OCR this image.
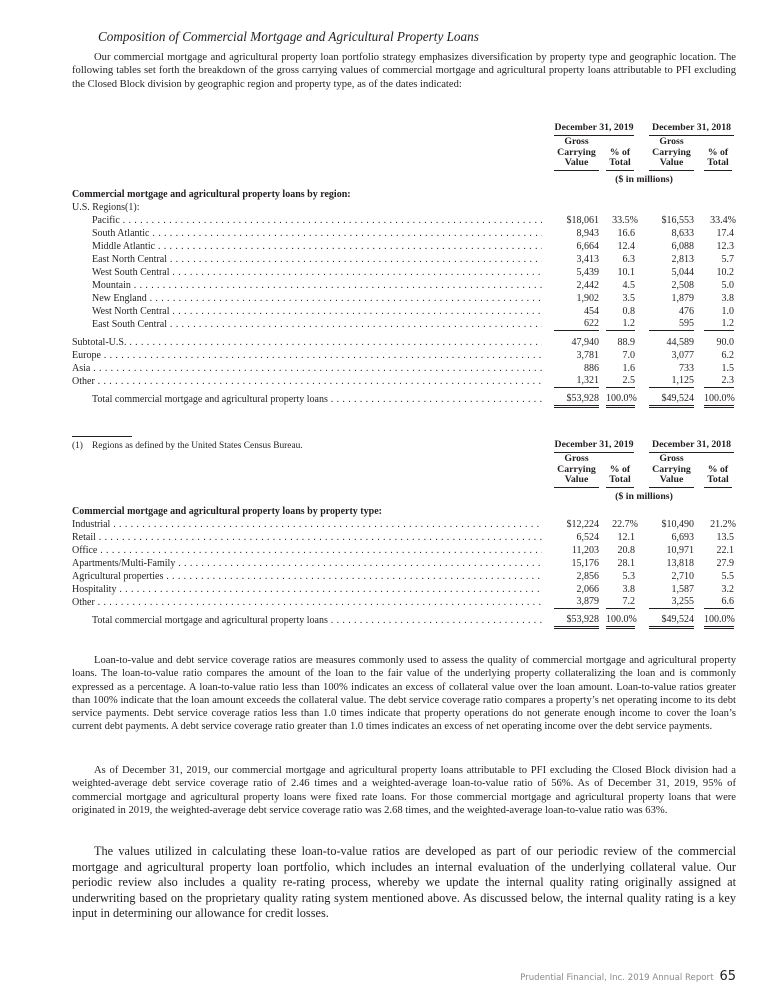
Composition of Commercial Mortgage and Agricultural Property Loans

Our commercial mortgage and agricultural property loan portfolio strategy emphasizes diversification by property type and geographic location. The following tables set forth the breakdown of the gross carrying values of commercial mortgage and agricultural property loans attributable to PFI excluding the Closed Block division by geographic region and property type, as of the dates indicated:

December 31, 2019	December 31, 2018
Gross
Carrying
Value
% of
Total
Gross
Carrying
Value
% of
Total
($ in millions)
Commercial mortgage and agricultural property loans by region:
U.S. Regions(1):
Pacific . . .	$18,061	33.5%	$16,553	33.4%
South Atlantic . . .	8,943	16.6	8,633	17.4
Middle Atlantic . . .	6,664	12.4	6,088	12.3
East North Central . . .	3,413	6.3	2,813	5.7
West South Central . . .	5,439	10.1	5,044	10.2
Mountain . . .	2,442	4.5	2,508	5.0
New England . . .	1,902	3.5	1,879	3.8
West North Central . . .	454	0.8	476	1.0
East South Central . . .	622	1.2	595	1.2
Subtotal-U.S. . . .	47,940	88.9	44,589	90.0
Europe . . .	3,781	7.0	3,077	6.2
Asia . . .	886	1.6	733	1.5
Other . . .	1,321	2.5	1,125	2.3
Total commercial mortgage and agricultural property loans . . .	$53,928 100.0%	$49,524 100.0%
(1) Regions as defined by the United States Census Bureau.	December 31, 2019	December 31, 2018
Gross
Carrying
Value
% of
Total
Gross
Carrying
Value
% of
Total
($ in millions)
Commercial mortgage and agricultural property loans by property type:
Industrial . . .	$12,224	22.7%	$10,490	21.2%
Retail . . .	6,524	12.1	6,693	13.5
Office . . .	11,203	20.8	10,971	22.1
Apartments/Multi-Family . . .	15,176	28.1	13,818	27.9
Agricultural properties . . .	2,856	5.3	2,710	5.5
Hospitality . . .	2,066	3.8	1,587	3.2
Other . . .	3,879	7.2	3,255	6.6
Total commercial mortgage and agricultural property loans . . .	$53,928 100.0%	$49,524 100.0%

Loan-to-value and debt service coverage ratios are measures commonly used to assess the quality of commercial mortgage and agricultural property loans. The loan-to-value ratio compares the amount of the loan to the fair value of the underlying property collateralizing the loan and is commonly expressed as a percentage. A loan-to-value ratio less than 100% indicates an excess of collateral value over the loan amount. Loan-to-value ratios greater than 100% indicate that the loan amount exceeds the collateral value. The debt service coverage ratio compares a property’s net operating income to its debt service payments. Debt service coverage ratios less than 1.0 times indicate that property operations do not generate enough income to cover the loan’s current debt payments. A debt service coverage ratio greater than 1.0 times indicates an excess of net operating income over the debt service payments.

As of December 31, 2019, our commercial mortgage and agricultural property loans attributable to PFI excluding the Closed Block division had a weighted-average debt service coverage ratio of 2.46 times and a weighted-average loan-to-value ratio of 56%. As of December 31, 2019, 95% of commercial mortgage and agricultural property loans were fixed rate loans. For those commercial mortgage and agricultural property loans that were originated in 2019, the weighted-average debt service coverage ratio was 2.68 times, and the weighted-average loan-to-value ratio was 63%.

The values utilized in calculating these loan-to-value ratios are developed as part of our periodic review of the commercial mortgage and agricultural property loan portfolio, which includes an internal evaluation of the underlying collateral value. Our periodic review also includes a quality re-rating process, whereby we update the internal quality rating originally assigned at underwriting based on the proprietary quality rating system mentioned above. As discussed below, the internal quality rating is a key input in determining our allowance for credit losses.

Prudential Financial, Inc. 2019 Annual Report 65
